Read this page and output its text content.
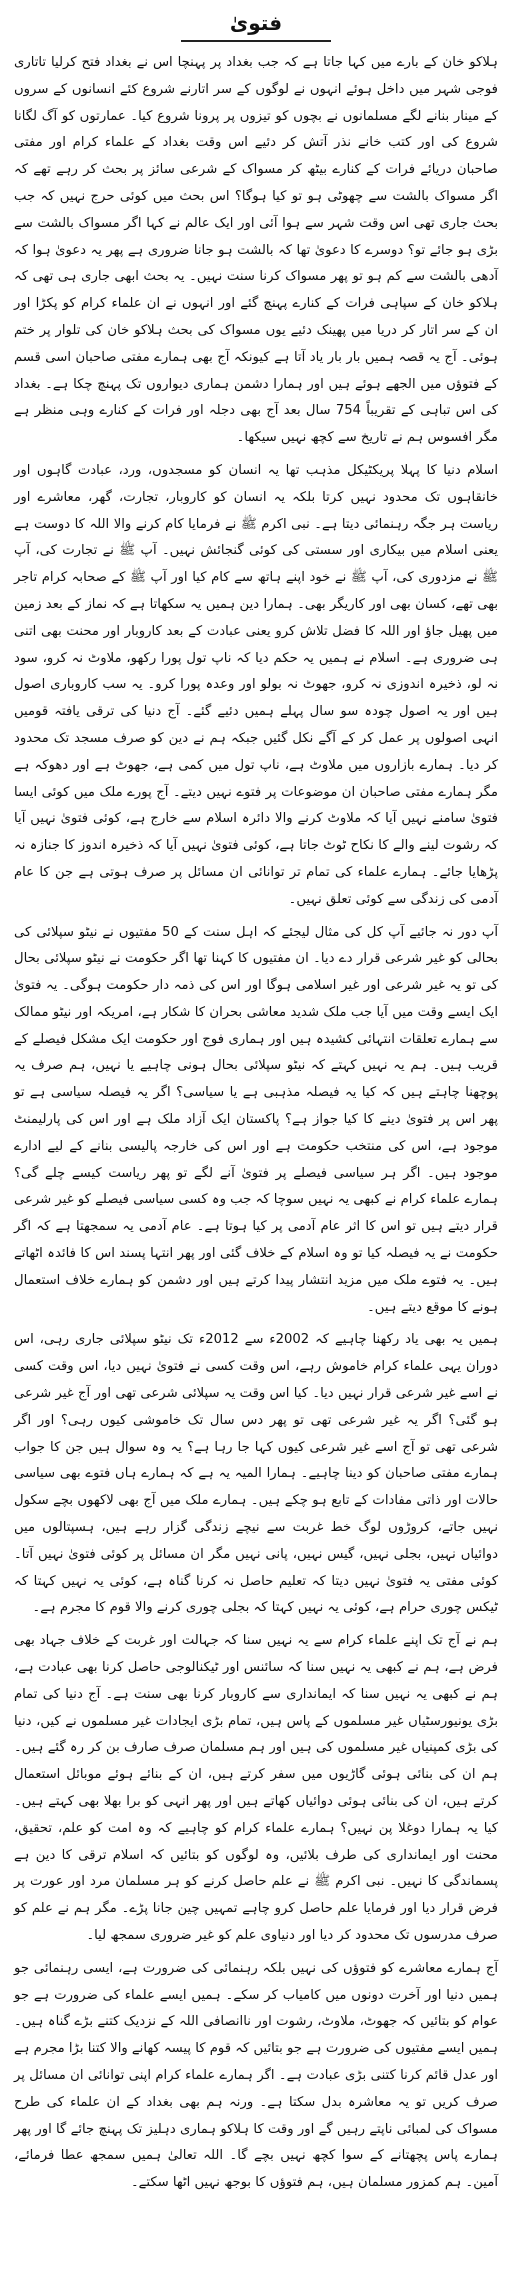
فتویٰ

ہلاکو خان کے بارے میں کہا جاتا ہے کہ جب بغداد پر پہنچا اس نے بغداد فتح کرلیا تاتاری فوجی شہر میں داخل ہوئے انہوں نے لوگوں کے سر اتارنے شروع کئے انسانوں کے سروں کے مینار بنانے لگے مسلمانوں نے بچوں کو تیزوں پر پرونا شروع کیا۔ عمارتوں کو آگ لگانا شروع کی اور کتب خانے نذر آتش کر دئیے اس وقت بغداد کے علماء کرام اور مفتی صاحبان دریائے فرات کے کنارے بیٹھ کر مسواک کے شرعی سائز پر بحث کر رہے تھے کہ اگر مسواک بالشت سے چھوٹی ہو تو کیا ہوگا؟ اس بحث میں کوئی حرج نہیں کہ جب بحث جاری تھی اس وقت شہر سے ہوا آئی اور ایک عالم نے کہا اگر مسواک بالشت سے بڑی ہو جائے تو؟ دوسرے کا دعویٰ تھا کہ بالشت ہو جانا ضروری ہے پھر یہ دعویٰ ہوا کہ آدھی بالشت سے کم ہو تو پھر مسواک کرنا سنت نہیں۔ یہ بحث ابھی جاری ہی تھی کہ ہلاکو خان کے سپاہی فرات کے کنارے پہنچ گئے اور انہوں نے ان علماء کرام کو پکڑا اور ان کے سر اتار کر دریا میں پھینک دئیے یوں مسواک کی بحث ہلاکو خان کی تلوار پر ختم ہوئی۔ آج یہ قصہ ہمیں بار بار یاد آتا ہے کیونکہ آج بھی ہمارے مفتی صاحبان اسی قسم کے فتوؤں میں الجھے ہوئے ہیں اور ہمارا دشمن ہماری دیواروں تک پہنچ چکا ہے۔ بغداد کی اس تباہی کے تقریباً 754 سال بعد آج بھی دجلہ اور فرات کے کنارے وہی منظر ہے مگر افسوس ہم نے تاریخ سے کچھ نہیں سیکھا۔

اسلام دنیا کا پہلا پریکٹیکل مذہب تھا یہ انسان کو مسجدوں، ورد، عبادت گاہوں اور خانقاہوں تک محدود نہیں کرتا بلکہ یہ انسان کو کاروبار، تجارت، گھر، معاشرے اور ریاست ہر جگہ رہنمائی دیتا ہے۔ نبی اکرم ﷺ نے فرمایا کام کرنے والا اللہ کا دوست ہے یعنی اسلام میں بیکاری اور سستی کی کوئی گنجائش نہیں۔ آپ ﷺ نے تجارت کی، آپ ﷺ نے مزدوری کی، آپ ﷺ نے خود اپنے ہاتھ سے کام کیا اور آپ ﷺ کے صحابہ کرام تاجر بھی تھے، کسان بھی اور کاریگر بھی۔ ہمارا دین ہمیں یہ سکھاتا ہے کہ نماز کے بعد زمین میں پھیل جاؤ اور اللہ کا فضل تلاش کرو یعنی عبادت کے بعد کاروبار اور محنت بھی اتنی ہی ضروری ہے۔ اسلام نے ہمیں یہ حکم دیا کہ ناپ تول پورا رکھو، ملاوٹ نہ کرو، سود نہ لو، ذخیرہ اندوزی نہ کرو، جھوٹ نہ بولو اور وعدہ پورا کرو۔ یہ سب کاروباری اصول ہیں اور یہ اصول چودہ سو سال پہلے ہمیں دئیے گئے۔ آج دنیا کی ترقی یافتہ قومیں انہی اصولوں پر عمل کر کے آگے نکل گئیں جبکہ ہم نے دین کو صرف مسجد تک محدود کر دیا۔ ہمارے بازاروں میں ملاوٹ ہے، ناپ تول میں کمی ہے، جھوٹ ہے اور دھوکہ ہے مگر ہمارے مفتی صاحبان ان موضوعات پر فتوے نہیں دیتے۔ آج پورے ملک میں کوئی ایسا فتویٰ سامنے نہیں آیا کہ ملاوٹ کرنے والا دائرہ اسلام سے خارج ہے، کوئی فتویٰ نہیں آیا کہ رشوت لینے والے کا نکاح ٹوٹ جاتا ہے، کوئی فتویٰ نہیں آیا کہ ذخیرہ اندوز کا جنازہ نہ پڑھایا جائے۔ ہمارے علماء کی تمام تر توانائی ان مسائل پر صرف ہوتی ہے جن کا عام آدمی کی زندگی سے کوئی تعلق نہیں۔

آپ دور نہ جائیے آپ کل کی مثال لیجئے کہ اہل سنت کے 50 مفتیوں نے نیٹو سپلائی کی بحالی کو غیر شرعی قرار دے دیا۔ ان مفتیوں کا کہنا تھا اگر حکومت نے نیٹو سپلائی بحال کی تو یہ غیر شرعی اور غیر اسلامی ہوگا اور اس کی ذمہ دار حکومت ہوگی۔ یہ فتویٰ ایک ایسے وقت میں آیا جب ملک شدید معاشی بحران کا شکار ہے، امریکہ اور نیٹو ممالک سے ہمارے تعلقات انتہائی کشیدہ ہیں اور ہماری فوج اور حکومت ایک مشکل فیصلے کے قریب ہیں۔ ہم یہ نہیں کہتے کہ نیٹو سپلائی بحال ہونی چاہیے یا نہیں، ہم صرف یہ پوچھنا چاہتے ہیں کہ کیا یہ فیصلہ مذہبی ہے یا سیاسی؟ اگر یہ فیصلہ سیاسی ہے تو پھر اس پر فتویٰ دینے کا کیا جواز ہے؟ پاکستان ایک آزاد ملک ہے اور اس کی پارلیمنٹ موجود ہے، اس کی منتخب حکومت ہے اور اس کی خارجہ پالیسی بنانے کے لیے ادارے موجود ہیں۔ اگر ہر سیاسی فیصلے پر فتویٰ آنے لگے تو پھر ریاست کیسے چلے گی؟ ہمارے علماء کرام نے کبھی یہ نہیں سوچا کہ جب وہ کسی سیاسی فیصلے کو غیر شرعی قرار دیتے ہیں تو اس کا اثر عام آدمی پر کیا ہوتا ہے۔ عام آدمی یہ سمجھتا ہے کہ اگر حکومت نے یہ فیصلہ کیا تو وہ اسلام کے خلاف گئی اور پھر انتہا پسند اس کا فائدہ اٹھاتے ہیں۔ یہ فتوے ملک میں مزید انتشار پیدا کرتے ہیں اور دشمن کو ہمارے خلاف استعمال ہونے کا موقع دیتے ہیں۔

ہمیں یہ بھی یاد رکھنا چاہیے کہ 2002ء سے 2012ء تک نیٹو سپلائی جاری رہی، اس دوران یہی علماء کرام خاموش رہے، اس وقت کسی نے فتویٰ نہیں دیا، اس وقت کسی نے اسے غیر شرعی قرار نہیں دیا۔ کیا اس وقت یہ سپلائی شرعی تھی اور آج غیر شرعی ہو گئی؟ اگر یہ غیر شرعی تھی تو پھر دس سال تک خاموشی کیوں رہی؟ اور اگر شرعی تھی تو آج اسے غیر شرعی کیوں کہا جا رہا ہے؟ یہ وہ سوال ہیں جن کا جواب ہمارے مفتی صاحبان کو دینا چاہیے۔ ہمارا المیہ یہ ہے کہ ہمارے ہاں فتوے بھی سیاسی حالات اور ذاتی مفادات کے تابع ہو چکے ہیں۔ ہمارے ملک میں آج بھی لاکھوں بچے سکول نہیں جاتے، کروڑوں لوگ خط غربت سے نیچے زندگی گزار رہے ہیں، ہسپتالوں میں دوائیاں نہیں، بجلی نہیں، گیس نہیں، پانی نہیں مگر ان مسائل پر کوئی فتویٰ نہیں آتا۔ کوئی مفتی یہ فتویٰ نہیں دیتا کہ تعلیم حاصل نہ کرنا گناہ ہے، کوئی یہ نہیں کہتا کہ ٹیکس چوری حرام ہے، کوئی یہ نہیں کہتا کہ بجلی چوری کرنے والا قوم کا مجرم ہے۔

ہم نے آج تک اپنے علماء کرام سے یہ نہیں سنا کہ جہالت اور غربت کے خلاف جہاد بھی فرض ہے، ہم نے کبھی یہ نہیں سنا کہ سائنس اور ٹیکنالوجی حاصل کرنا بھی عبادت ہے، ہم نے کبھی یہ نہیں سنا کہ ایمانداری سے کاروبار کرنا بھی سنت ہے۔ آج دنیا کی تمام بڑی یونیورسٹیاں غیر مسلموں کے پاس ہیں، تمام بڑی ایجادات غیر مسلموں نے کیں، دنیا کی بڑی کمپنیاں غیر مسلموں کی ہیں اور ہم مسلمان صرف صارف بن کر رہ گئے ہیں۔ ہم ان کی بنائی ہوئی گاڑیوں میں سفر کرتے ہیں، ان کے بنائے ہوئے موبائل استعمال کرتے ہیں، ان کی بنائی ہوئی دوائیاں کھاتے ہیں اور پھر انہی کو برا بھلا بھی کہتے ہیں۔ کیا یہ ہمارا دوغلا پن نہیں؟ ہمارے علماء کرام کو چاہیے کہ وہ امت کو علم، تحقیق، محنت اور ایمانداری کی طرف بلائیں، وہ لوگوں کو بتائیں کہ اسلام ترقی کا دین ہے پسماندگی کا نہیں۔ نبی اکرم ﷺ نے علم حاصل کرنے کو ہر مسلمان مرد اور عورت پر فرض قرار دیا اور فرمایا علم حاصل کرو چاہے تمہیں چین جانا پڑے۔ مگر ہم نے علم کو صرف مدرسوں تک محدود کر دیا اور دنیاوی علم کو غیر ضروری سمجھ لیا۔

آج ہمارے معاشرے کو فتوؤں کی نہیں بلکہ رہنمائی کی ضرورت ہے، ایسی رہنمائی جو ہمیں دنیا اور آخرت دونوں میں کامیاب کر سکے۔ ہمیں ایسے علماء کی ضرورت ہے جو عوام کو بتائیں کہ جھوٹ، ملاوٹ، رشوت اور ناانصافی اللہ کے نزدیک کتنے بڑے گناہ ہیں۔ ہمیں ایسے مفتیوں کی ضرورت ہے جو بتائیں کہ قوم کا پیسہ کھانے والا کتنا بڑا مجرم ہے اور عدل قائم کرنا کتنی بڑی عبادت ہے۔ اگر ہمارے علماء کرام اپنی توانائی ان مسائل پر صرف کریں تو یہ معاشرہ بدل سکتا ہے۔ ورنہ ہم بھی بغداد کے ان علماء کی طرح مسواک کی لمبائی ناپتے رہیں گے اور وقت کا ہلاکو ہماری دہلیز تک پہنچ جائے گا اور پھر ہمارے پاس پچھتانے کے سوا کچھ نہیں بچے گا۔ اللہ تعالیٰ ہمیں سمجھ عطا فرمائے، آمین۔ ہم کمزور مسلمان ہیں، ہم فتوؤں کا بوجھ نہیں اٹھا سکتے۔
